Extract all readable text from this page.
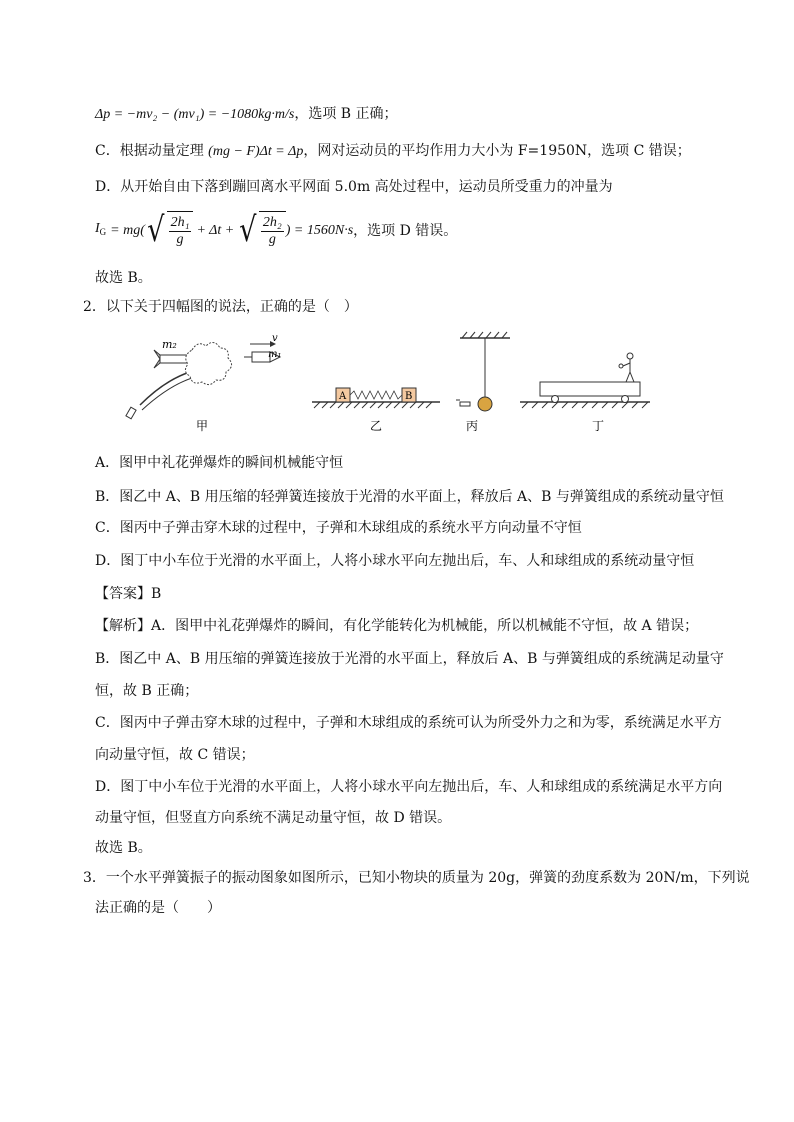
Δp = −mv₂ − (mv₁) = −1080kg·m/s，选项 B 正确；
C．根据动量定理 (mg − F)Δt = Δp，网对运动员的平均作用力大小为 F=1950N，选项 C 错误；
D．从开始自由下落到蹦回离水平网面 5.0m 高处过程中，运动员所受重力的冲量为
$I_G = mg$( √ $\frac{\text{2h₁}}{g} + \Delta t$ + √ $\frac{\text{2h₂}}{g}$ ) = 1560N·s ，选项 D 错误。
故选 B。
2．以下关于四幅图的说法，正确的是（　）
m₂
m₁
v
甲
A	B
乙	丙	丁
A．图甲中礼花弹爆炸的瞬间机械能守恒
B．图乙中 A、B 用压缩的轻弹簧连接放于光滑的水平面上，释放后 A、B 与弹簧组成的系统动量守恒
C．图丙中子弹击穿木球的过程中，子弹和木球组成的系统水平方向动量不守恒
D．图丁中小车位于光滑的水平面上，人将小球水平向左抛出后，车、人和球组成的系统动量守恒
【答案】B
【解析】A．图甲中礼花弹爆炸的瞬间，有化学能转化为机械能，所以机械能不守恒，故 A 错误；
B．图乙中 A、B 用压缩的弹簧连接放于光滑的水平面上，释放后 A、B 与弹簧组成的系统满足动量守
恒，故 B 正确；
C．图丙中子弹击穿木球的过程中，子弹和木球组成的系统可认为所受外力之和为零，系统满足水平方
向动量守恒，故 C 错误；
D．图丁中小车位于光滑的水平面上，人将小球水平向左抛出后，车、人和球组成的系统满足水平方向
动量守恒，但竖直方向系统不满足动量守恒，故 D 错误。
故选 B。
3．一个水平弹簧振子的振动图象如图所示，已知小物块的质量为 20g，弹簧的劲度系数为 20N/m，下列说
法正确的是（　　）
